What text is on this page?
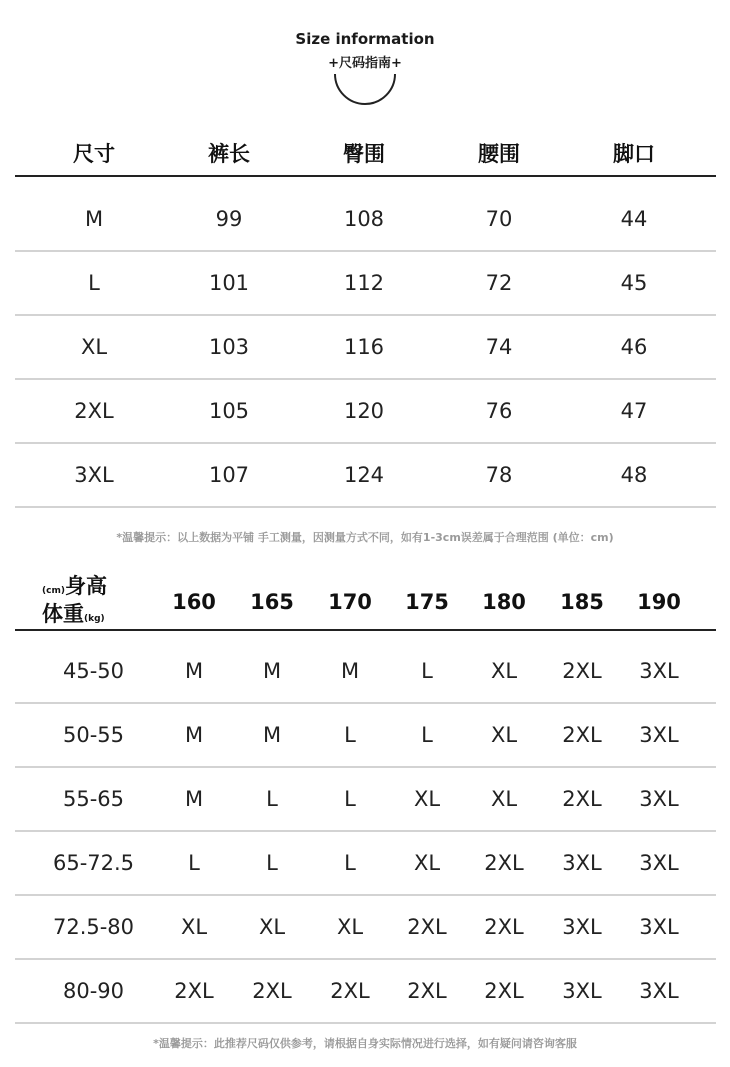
Size information
+尺码指南+
尺寸	裤长	臀围	腰围	脚口
M	99	108	70	44
L	101	112	72	45
XL	103	116	74	46
2XL	105	120	76	47
3XL	107	124	78	48
*温馨提示：以上数据为平铺 手工测量，因测量方式不同，如有1-3cm误差属于合理范围 (单位：cm)
(cm)身高
体重(kg)
160	165	170	175	180	185	190
45-50	M	M	M	L	XL	2XL	3XL
50-55	M	M	L	L	XL	2XL	3XL
55-65	M	L	L	XL	XL	2XL	3XL
65-72.5	L	L	L	XL	2XL	3XL	3XL
72.5-80	XL	XL	XL	2XL	2XL	3XL	3XL
80-90	2XL	2XL	2XL	2XL	2XL	3XL	3XL
*温馨提示：此推荐尺码仅供参考，请根据自身实际情况进行选择，如有疑问请咨询客服
